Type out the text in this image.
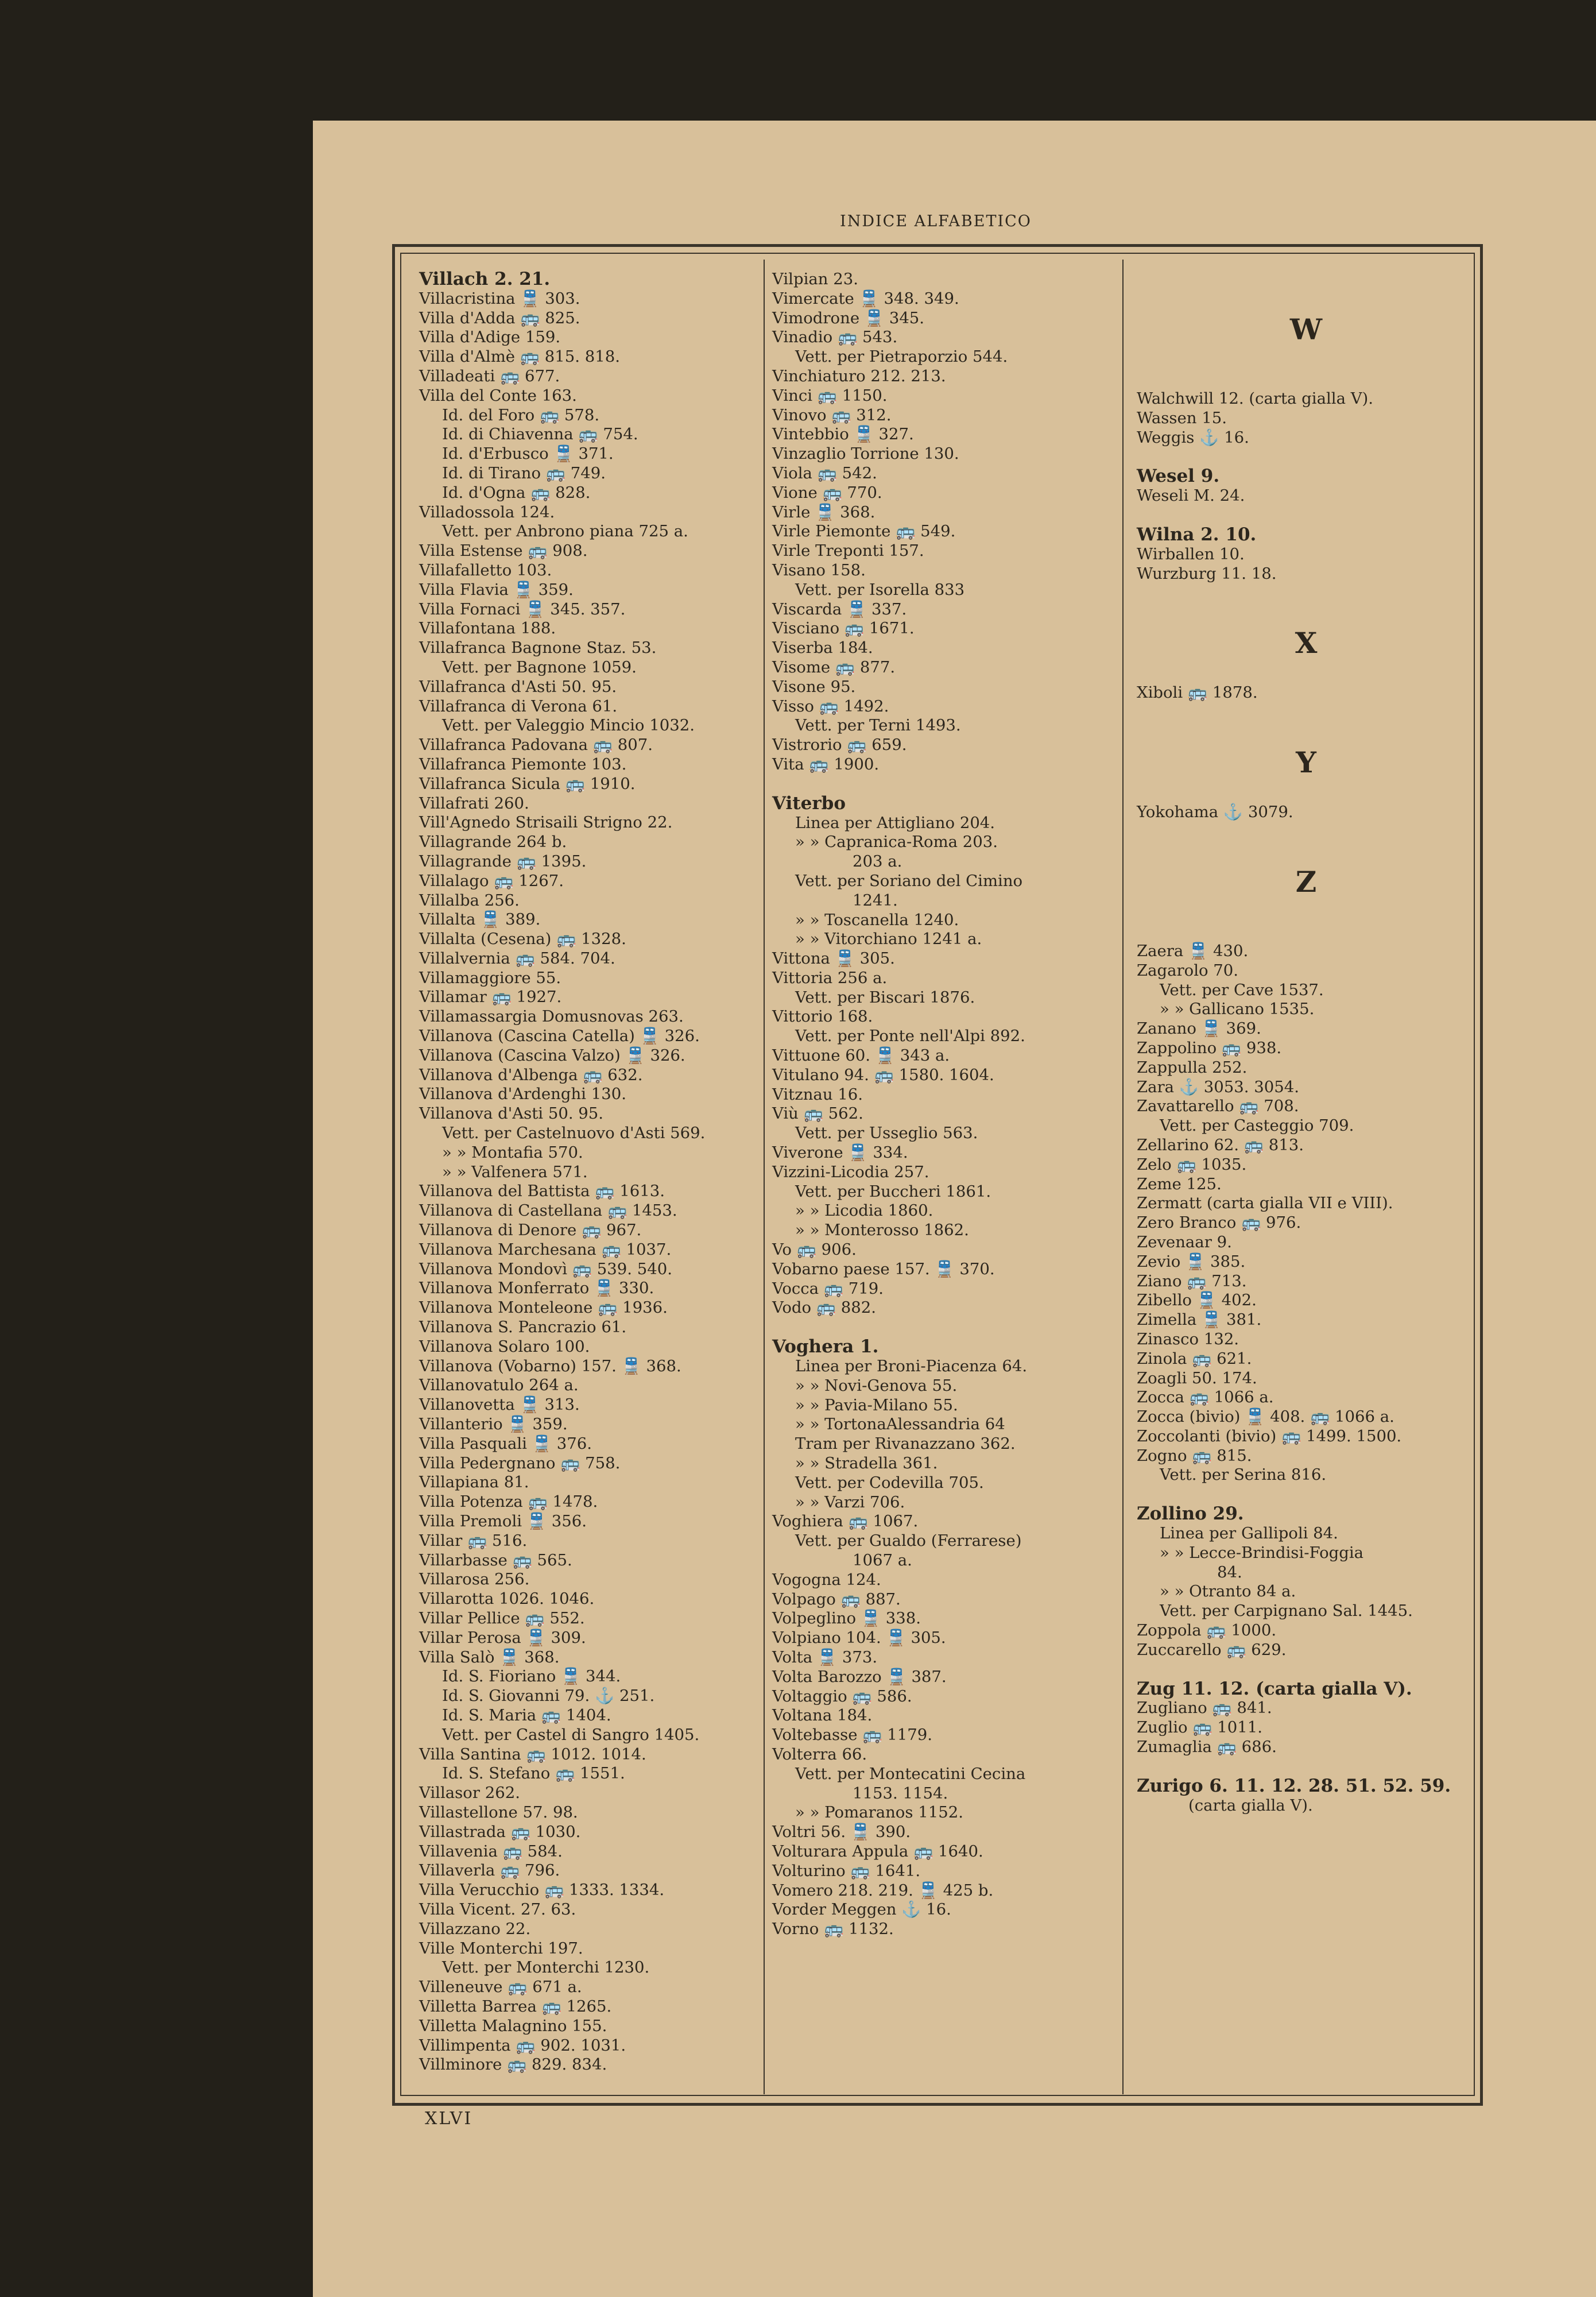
INDICE ALFABETICO
Villach 2. 21.
Villacristina 🚆 303.
Villa d'Adda 🚌 825.
Villa d'Adige 159.
Villa d'Almè 🚌 815. 818.
Villadeati 🚌 677.
Villa del Conte 163.
Id. del Foro 🚌 578.
Id. di Chiavenna 🚌 754.
Id. d'Erbusco 🚆 371.
Id. di Tirano 🚌 749.
Id. d'Ogna 🚌 828.
Villadossola 124.
Vett. per Anbrono piana 725 a.
Villa Estense 🚌 908.
Villafalletto 103.
Villa Flavia 🚆 359.
Villa Fornaci 🚆 345. 357.
Villafontana 188.
Villafranca Bagnone Staz. 53.
Vett. per Bagnone 1059.
Villafranca d'Asti 50. 95.
Villafranca di Verona 61.
Vett. per Valeggio Mincio 1032.
Villafranca Padovana 🚌 807.
Villafranca Piemonte 103.
Villafranca Sicula 🚌 1910.
Villafrati 260.
Vill'Agnedo Strisaili Strigno 22.
Villagrande 264 b.
Villagrande 🚌 1395.
Villalago 🚌 1267.
Villalba 256.
Villalta 🚆 389.
Villalta (Cesena) 🚌 1328.
Villalvernia 🚌 584. 704.
Villamaggiore 55.
Villamar 🚌 1927.
Villamassargia Domusnovas 263.
Villanova (Cascina Catella) 🚆 326.
Villanova (Cascina Valzo) 🚆 326.
Villanova d'Albenga 🚌 632.
Villanova d'Ardenghi 130.
Villanova d'Asti 50. 95.
Vett. per Castelnuovo d'Asti 569.
» » Montafia 570.
» » Valfenera 571.
Villanova del Battista 🚌 1613.
Villanova di Castellana 🚌 1453.
Villanova di Denore 🚌 967.
Villanova Marchesana 🚌 1037.
Villanova Mondovì 🚌 539. 540.
Villanova Monferrato 🚆 330.
Villanova Monteleone 🚌 1936.
Villanova S. Pancrazio 61.
Villanova Solaro 100.
Villanova (Vobarno) 157. 🚆 368.
Villanovatulo 264 a.
Villanovetta 🚆 313.
Villanterio 🚆 359.
Villa Pasquali 🚆 376.
Villa Pedergnano 🚌 758.
Villapiana 81.
Villa Potenza 🚌 1478.
Villa Premoli 🚆 356.
Villar 🚌 516.
Villarbasse 🚌 565.
Villarosa 256.
Villarotta 1026. 1046.
Villar Pellice 🚌 552.
Villar Perosa 🚆 309.
Villa Salò 🚆 368.
Id. S. Fioriano 🚆 344.
Id. S. Giovanni 79. ⚓ 251.
Id. S. Maria 🚌 1404.
Vett. per Castel di Sangro 1405.
Villa Santina 🚌 1012. 1014.
Id. S. Stefano 🚌 1551.
Villasor 262.
Villastellone 57. 98.
Villastrada 🚌 1030.
Villavenia 🚌 584.
Villaverla 🚌 796.
Villa Verucchio 🚌 1333. 1334.
Villa Vicent. 27. 63.
Villazzano 22.
Ville Monterchi 197.
Vett. per Monterchi 1230.
Villeneuve 🚌 671 a.
Villetta Barrea 🚌 1265.
Villetta Malagnino 155.
Villimpenta 🚌 902. 1031.
Villminore 🚌 829. 834.
Vilpian 23.
Vimercate 🚆 348. 349.
Vimodrone 🚆 345.
Vinadio 🚌 543.
Vett. per Pietraporzio 544.
Vinchiaturo 212. 213.
Vinci 🚌 1150.
Vinovo 🚌 312.
Vintebbio 🚆 327.
Vinzaglio Torrione 130.
Viola 🚌 542.
Vione 🚌 770.
Virle 🚆 368.
Virle Piemonte 🚌 549.
Virle Treponti 157.
Visano 158.
Vett. per Isorella 833
Viscarda 🚆 337.
Visciano 🚌 1671.
Viserba 184.
Visome 🚌 877.
Visone 95.
Visso 🚌 1492.
Vett. per Terni 1493.
Vistrorio 🚌 659.
Vita 🚌 1900.
Viterbo
Linea per Attigliano 204.
» » Capranica-Roma 203.
203 a.
Vett. per Soriano del Cimino
1241.
» » Toscanella 1240.
» » Vitorchiano 1241 a.
Vittona 🚆 305.
Vittoria 256 a.
Vett. per Biscari 1876.
Vittorio 168.
Vett. per Ponte nell'Alpi 892.
Vittuone 60. 🚆 343 a.
Vitulano 94. 🚌 1580. 1604.
Vitznau 16.
Viù 🚌 562.
Vett. per Usseglio 563.
Viverone 🚆 334.
Vizzini-Licodia 257.
Vett. per Buccheri 1861.
» » Licodia 1860.
» » Monterosso 1862.
Vo 🚌 906.
Vobarno paese 157. 🚆 370.
Vocca 🚌 719.
Vodo 🚌 882.
Voghera 1.
Linea per Broni-Piacenza 64.
» » Novi-Genova 55.
» » Pavia-Milano 55.
» » TortonaAlessandria 64
Tram per Rivanazzano 362.
» » Stradella 361.
Vett. per Codevilla 705.
» » Varzi 706.
Voghiera 🚌 1067.
Vett. per Gualdo (Ferrarese)
1067 a.
Vogogna 124.
Volpago 🚌 887.
Volpeglino 🚆 338.
Volpiano 104. 🚆 305.
Volta 🚆 373.
Volta Barozzo 🚆 387.
Voltaggio 🚌 586.
Voltana 184.
Voltebasse 🚌 1179.
Volterra 66.
Vett. per Montecatini Cecina
1153. 1154.
» » Pomaranos 1152.
Voltri 56. 🚆 390.
Volturara Appula 🚌 1640.
Volturino 🚌 1641.
Vomero 218. 219. 🚆 425 b.
Vorder Meggen ⚓ 16.
Vorno 🚌 1132.
W
Walchwill 12. (carta gialla V).
Wassen 15.
Weggis ⚓ 16.
Wesel 9.
Weseli M. 24.
Wilna 2. 10.
Wirballen 10.
Wurzburg 11. 18.
X
Xiboli 🚌 1878.
Y
Yokohama ⚓ 3079.
Z
Zaera 🚆 430.
Zagarolo 70.
Vett. per Cave 1537.
» » Gallicano 1535.
Zanano 🚆 369.
Zappolino 🚌 938.
Zappulla 252.
Zara ⚓ 3053. 3054.
Zavattarello 🚌 708.
Vett. per Casteggio 709.
Zellarino 62. 🚌 813.
Zelo 🚌 1035.
Zeme 125.
Zermatt (carta gialla VII e VIII).
Zero Branco 🚌 976.
Zevenaar 9.
Zevio 🚆 385.
Ziano 🚌 713.
Zibello 🚆 402.
Zimella 🚆 381.
Zinasco 132.
Zinola 🚌 621.
Zoagli 50. 174.
Zocca 🚌 1066 a.
Zocca (bivio) 🚆 408. 🚌 1066 a.
Zoccolanti (bivio) 🚌 1499. 1500.
Zogno 🚌 815.
Vett. per Serina 816.
Zollino 29.
Linea per Gallipoli 84.
» » Lecce-Brindisi-Foggia
84.
» » Otranto 84 a.
Vett. per Carpignano Sal. 1445.
Zoppola 🚌 1000.
Zuccarello 🚌 629.
Zug 11. 12. (carta gialla V).
Zugliano 🚌 841.
Zuglio 🚌 1011.
Zumaglia 🚌 686.
Zurigo 6. 11. 12. 28. 51. 52. 59.
(carta gialla V).
XLVI
